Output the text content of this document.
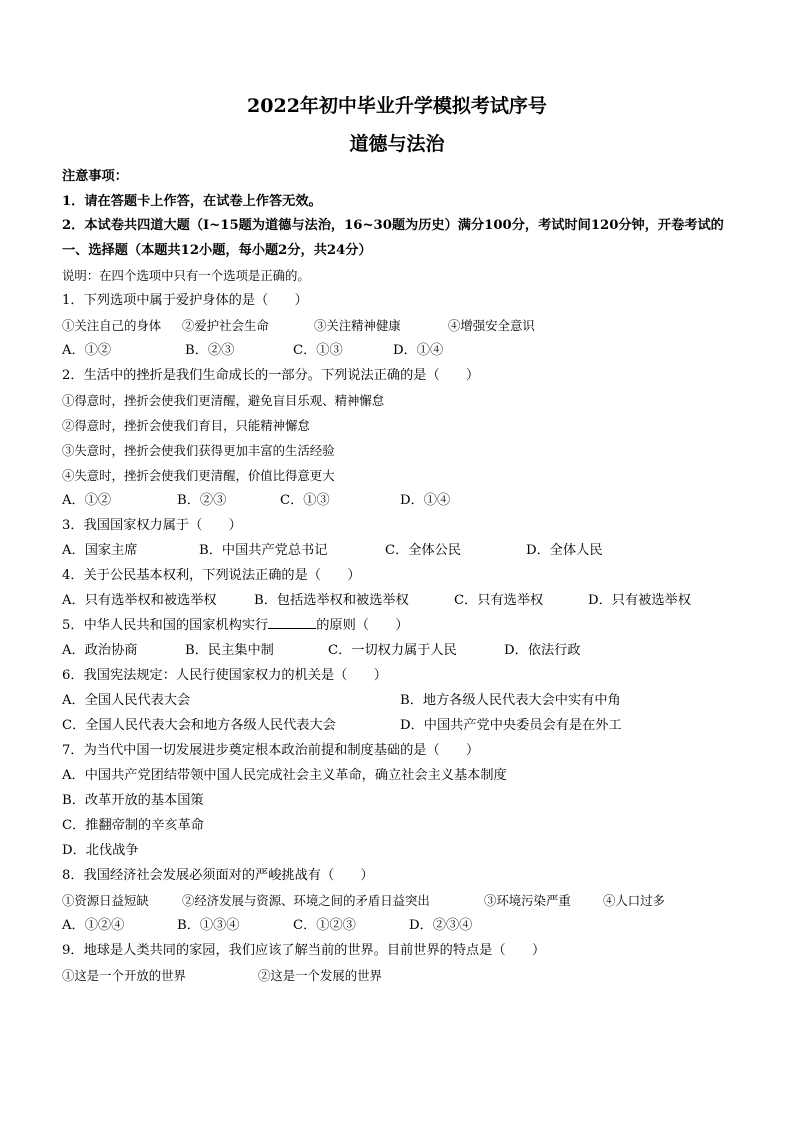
2022年初中毕业升学模拟考试序号
道德与法治
注意事项：
1．请在答题卡上作答，在试卷上作答无效。
2．本试卷共四道大题（I~15题为道德与法治，16~30题为历史）满分100分，考试时间120分钟，开卷考试的
一、选择题（本题共12小题，每小题2分，共24分）
说明：在四个选项中只有一个选项是正确的。
1．下列选项中属于爱护身体的是（　　）
①关注自己的身体	②爱护社会生命	③关注精神健康	④增强安全意识
A．①②	B．②③	C．①③	D．①④
2．生活中的挫折是我们生命成长的一部分。下列说法正确的是（　　）
①得意时，挫折会使我们更清醒，避免盲目乐观、精神懈怠
②得意时，挫折会使我们育目，只能精神懈怠
③失意时，挫折会使我们获得更加丰富的生活经验
④失意时，挫折会使我们更清醒，价值比得意更大
A．①②	B．②③	C．①③	D．①④
3．我国国家权力属于（　　）
A．国家主席	B．中国共产党总书记	C．全体公民	D．全体人民
4．关于公民基本权利，下列说法正确的是（　　）
A．只有选举权和被选举权	B．包括选举权和被选举权	C．只有选举权	D．只有被选举权
5．中华人民共和国的国家机构实行	的原则（　　）
A．政治协商	B．民主集中制	C．一切权力属于人民	D．依法行政
6．我国宪法规定：人民行使国家权力的机关是（　　）
A．全国人民代表大会	B．地方各级人民代表大会中实有中角
C．全国人民代表大会和地方各级人民代表大会	D．中国共产党中央委员会有是在外工
7．为当代中国一切发展进步奠定根本政治前提和制度基础的是（　　）
A．中国共产党团结带领中国人民完成社会主义革命，确立社会主义基本制度
B．改革开放的基本国策
C．推翻帝制的辛亥革命
D．北伐战争
8．我国经济社会发展必须面对的严峻挑战有（　　）
①资源日益短缺	②经济发展与资源、环境之间的矛盾日益突出	③环境污染严重	④人口过多
A．①②④	B．①③④	C．①②③	D．②③④
9．地球是人类共同的家园，我们应该了解当前的世界。目前世界的特点是（　　）
①这是一个开放的世界	②这是一个发展的世界
